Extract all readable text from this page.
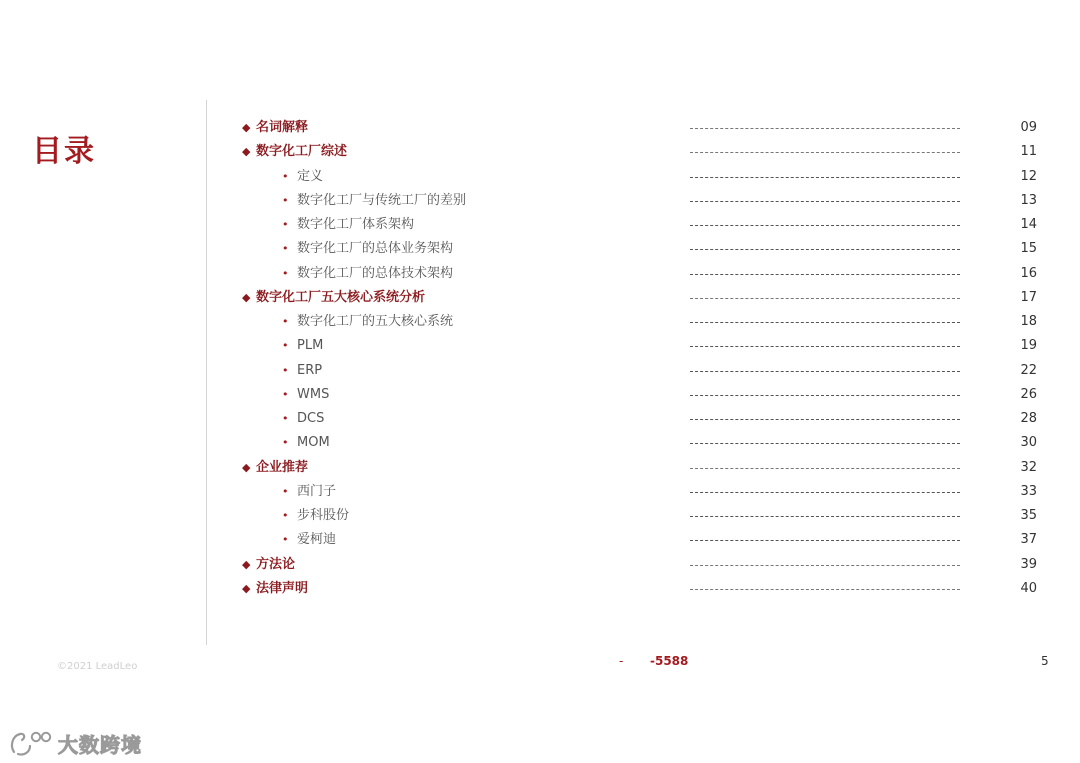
目录
◆ 名词解释	09
◆ 数字化工厂综述	11
• 定义	12
• 数字化工厂与传统工厂的差别	13
• 数字化工厂体系架构	14
• 数字化工厂的总体业务架构	15
• 数字化工厂的总体技术架构	16
◆ 数字化工厂五大核心系统分析	17
• 数字化工厂的五大核心系统	18
• PLM	19
• ERP	22
• WMS	26
• DCS	28
• MOM	30
◆ 企业推荐	32
• 西门子	33
• 步科股份	35
• 爱柯迪	37
◆ 方法论	39
◆ 法律声明	40
©2021 LeadLeo	- -5588	5
大数跨境
